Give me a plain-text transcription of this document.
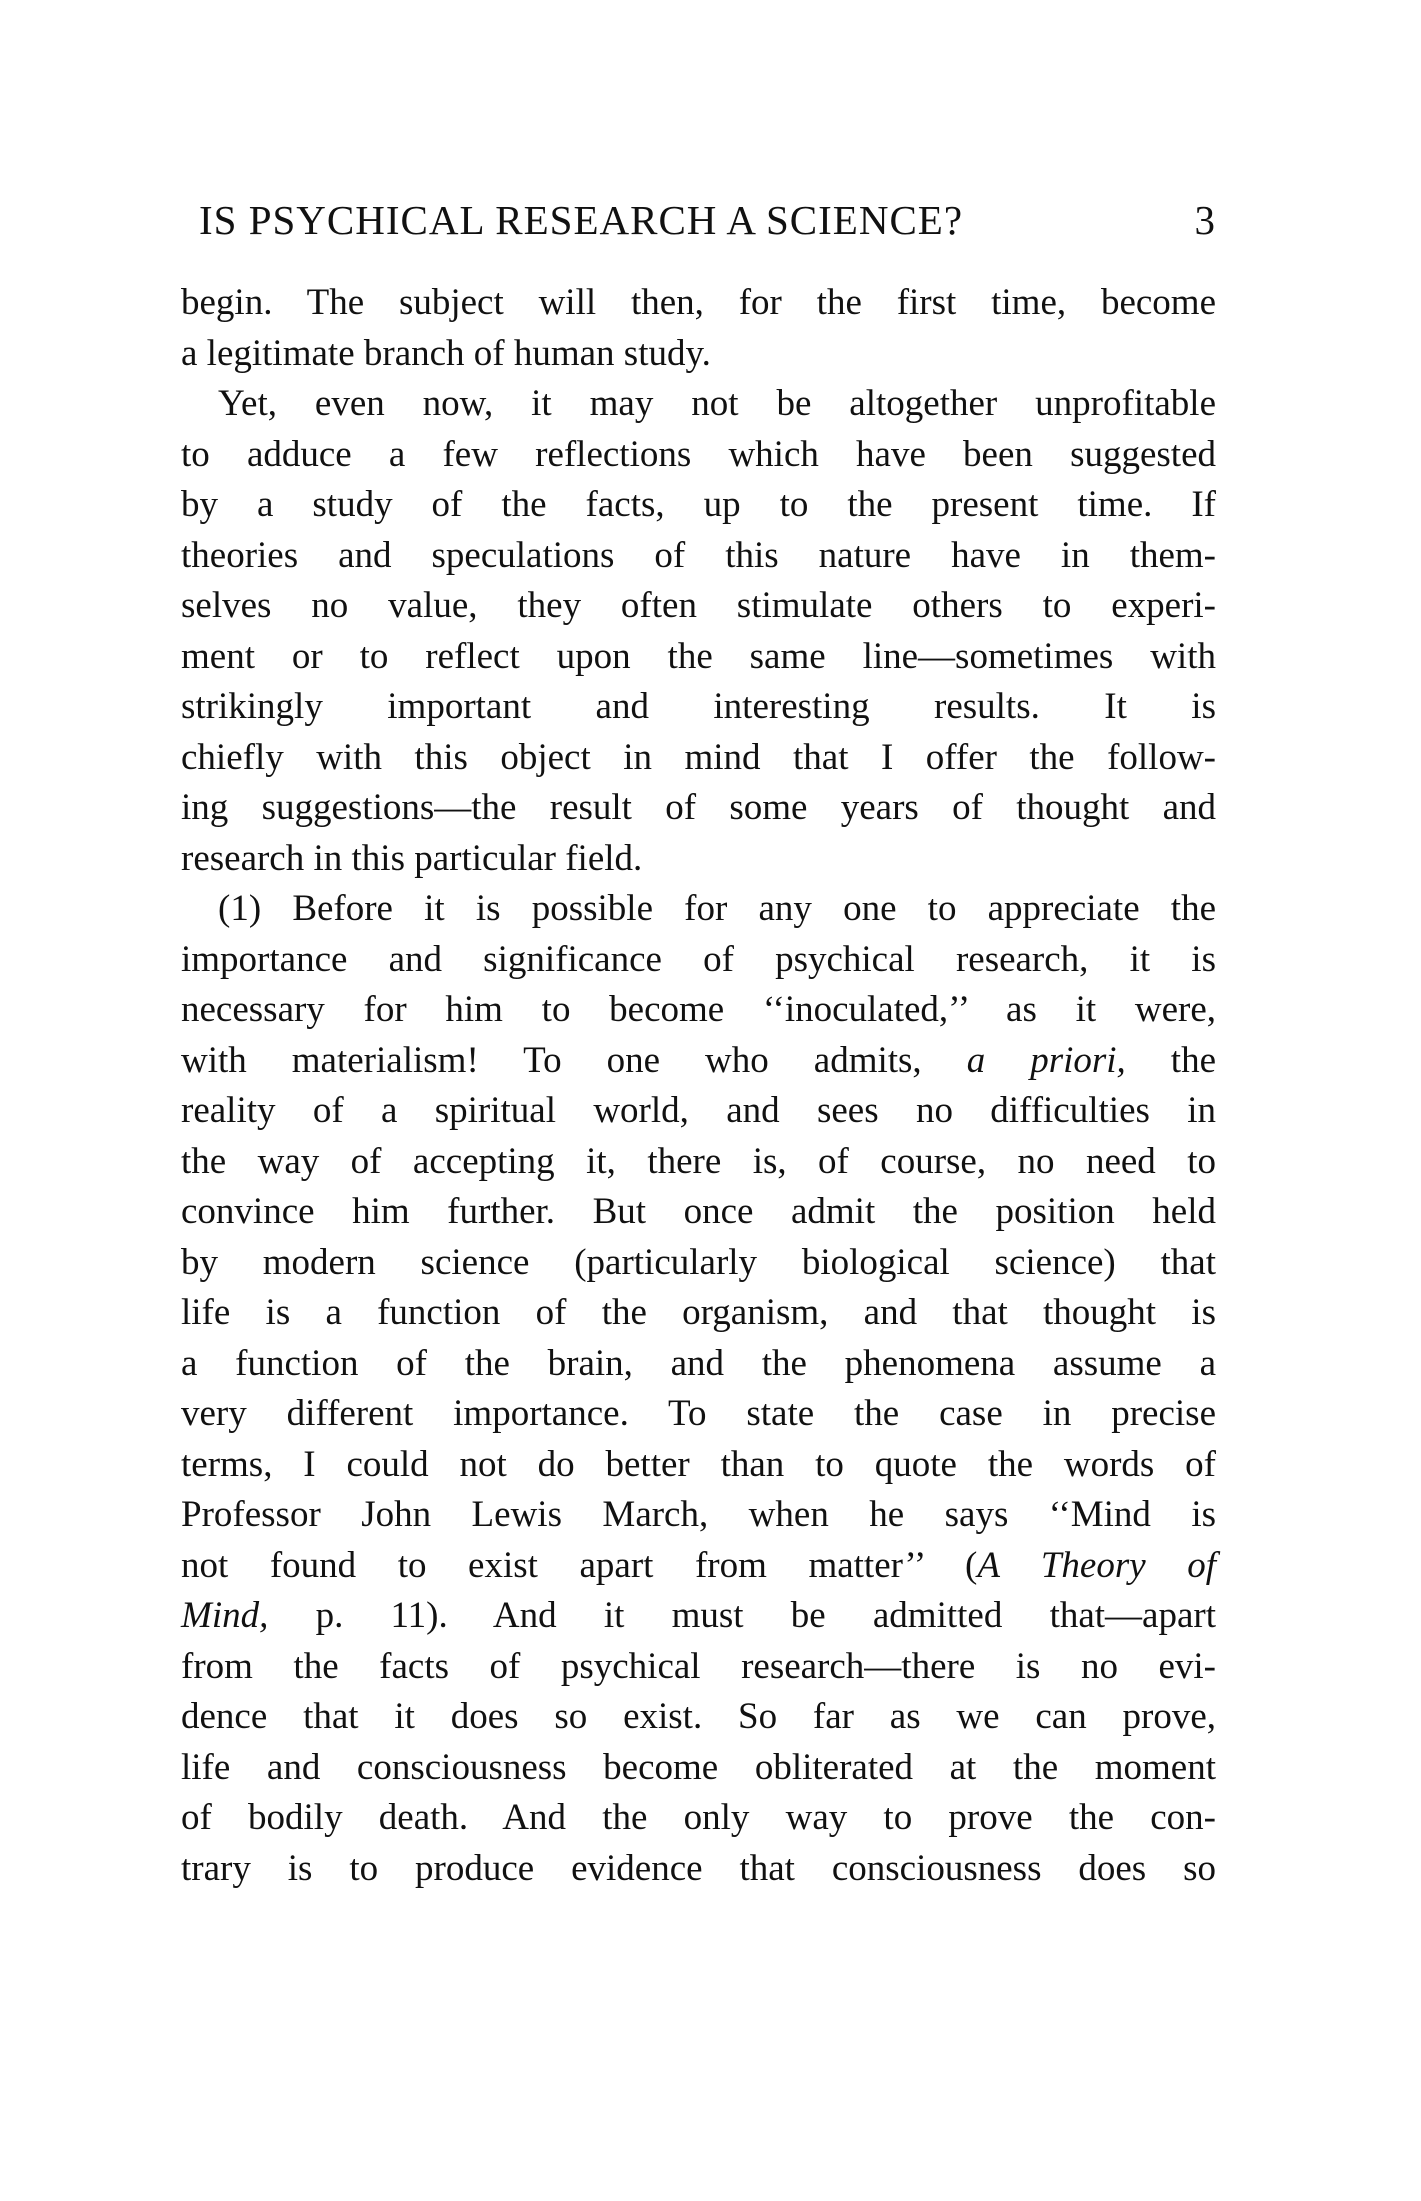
IS PSYCHICAL RESEARCH A SCIENCE?	3
begin. The subject will then, for the first time, become
a legitimate branch of human study.
Yet, even now, it may not be altogether unprofitable
to adduce a few reflections which have been suggested
by a study of the facts, up to the present time. If
theories and speculations of this nature have in them-
selves no value, they often stimulate others to experi-
ment or to reflect upon the same line—sometimes with
strikingly important and interesting results. It is
chiefly with this object in mind that I offer the follow-
ing suggestions—the result of some years of thought and
research in this particular field.
(1) Before it is possible for any one to appreciate the
importance and significance of psychical research, it is
necessary for him to become ‘‘inoculated,’’ as it were,
with materialism! To one who admits, a priori, the
reality of a spiritual world, and sees no difficulties in
the way of accepting it, there is, of course, no need to
convince him further. But once admit the position held
by modern science (particularly biological science) that
life is a function of the organism, and that thought is
a function of the brain, and the phenomena assume a
very different importance. To state the case in precise
terms, I could not do better than to quote the words of
Professor John Lewis March, when he says ‘‘Mind is
not found to exist apart from matter’’ (A Theory of
Mind, p. 11). And it must be admitted that—apart
from the facts of psychical research—there is no evi-
dence that it does so exist. So far as we can prove,
life and consciousness become obliterated at the moment
of bodily death. And the only way to prove the con-
trary is to produce evidence that consciousness does so
